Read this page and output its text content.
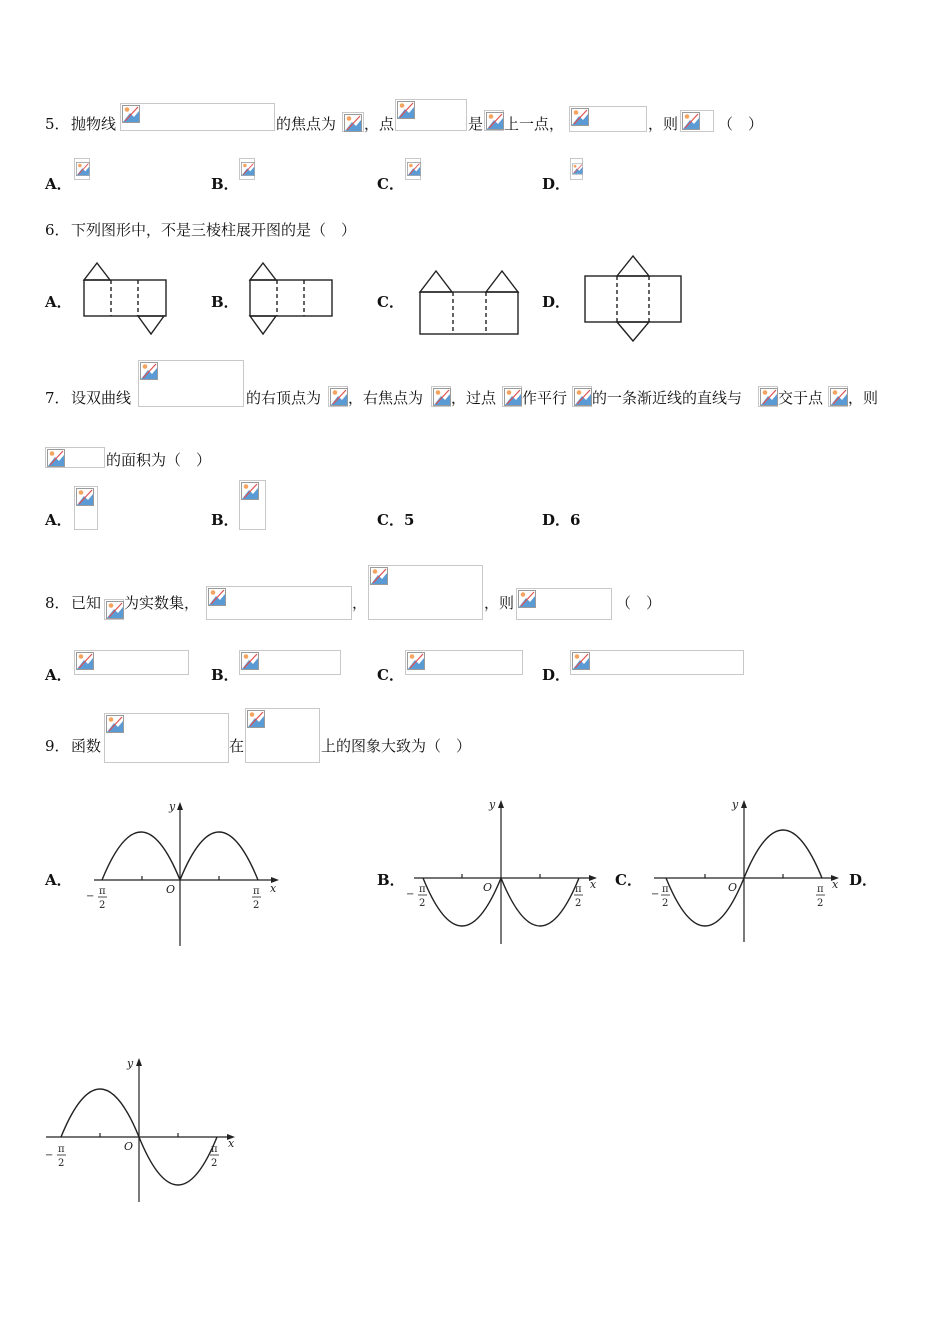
5． 抛物线	的焦点为 ，点	是 上一点，	，则	（　）
A．	B．	C．	D．
6． 下列图形中，不是三棱柱展开图的是（　）
A．	B．	C．	D．
7． 设双曲线	的右顶点为 ，右焦点为 ，过点 作平行 的一条渐近线的直线与 交于点 ，则
的面积为（　）
A．	B．	C．5	D．6
8． 已知 为实数集，	，	，则	（　）
A．	B．	C．	D．
9． 函数	在	上的图象大致为（　）
A．	B．	C．	D．
y
x
O
− π
2
π
2
y
x
O
− π
2
π
2
y
x
O
− π
2
π
2
y
x
O
−
π
2
π
2
